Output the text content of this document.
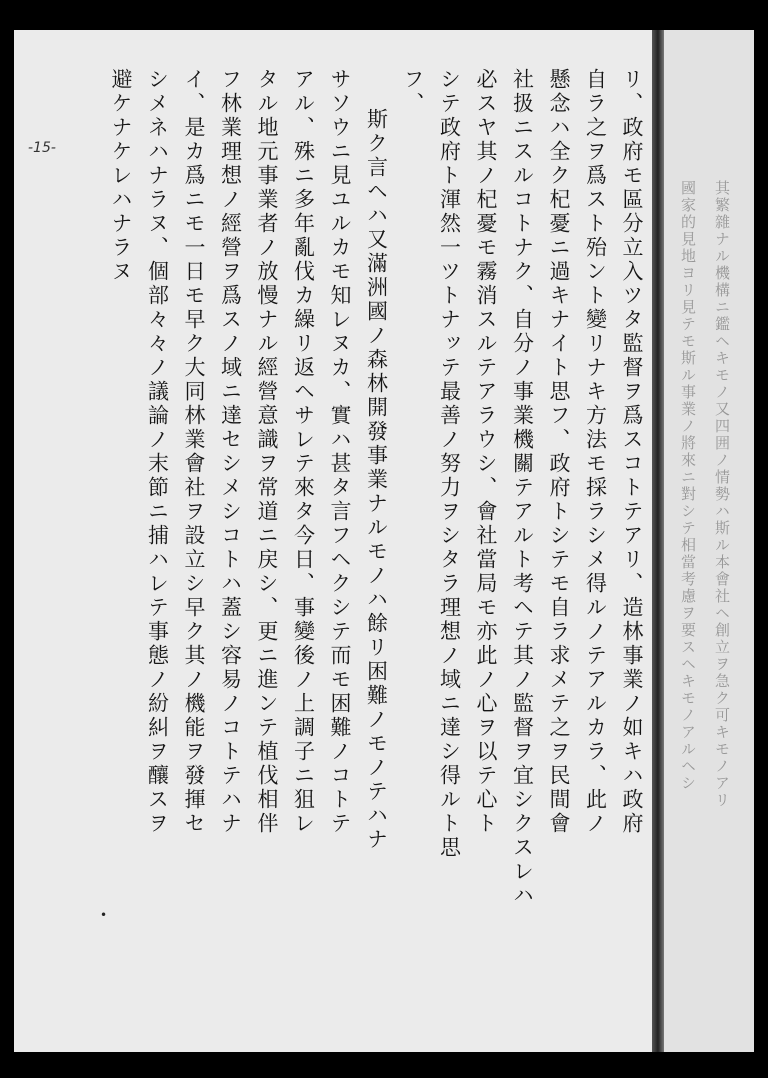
其繁雜ナル機構ニ鑑ヘキモノ又四囲ノ情勢ハ斯ル本會社ヘ創立ヲ急ク可キモノアリ
國家的見地ヨリ見テモ斯ル事業ノ將來ニ對シテ相當考慮ヲ要スヘキモノアルヘシ
-15-	リ、政府モ區分立入ツタ監督ヲ爲スコトテアリ、造林事業ノ如キハ政府
自ラ之ヲ爲スト殆ント變リナキ方法モ採ラシメ得ルノテアルカラ、此ノ
懸念ハ全ク杞憂ニ過キナイト思フ、政府トシテモ自ラ求メテ之ヲ民間會
社扱ニスルコトナク、自分ノ事業機關テアルト考ヘテ其ノ監督ヲ宜シクスレハ
必スヤ其ノ杞憂モ霧消スルテアラウシ、會社當局モ亦此ノ心ヲ以テ心ト
シテ政府ト渾然一ツトナッテ最善ノ努力ヲシタラ理想ノ域ニ達シ得ルト思
フ、
斯ク言ヘハ又滿洲國ノ森林開發事業ナルモノハ餘リ困難ノモノテハナ
サソウニ見ユルカモ知レヌカ、實ハ甚タ言フヘクシテ而モ困難ノコトテ
アル、殊ニ多年亂伐カ繰リ返ヘサレテ來タ今日、事變後ノ上調子ニ狙レ
タル地元事業者ノ放慢ナル經營意識ヲ常道ニ戻シ、更ニ進ンテ植伐相伴
フ林業理想ノ經營ヲ爲スノ域ニ達セシメシコトハ蓋シ容易ノコトテハナ
イ、是カ爲ニモ一日モ早ク大同林業會社ヲ設立シ早ク其ノ機能ヲ發揮セ
シメネハナラヌ、個部々々ノ議論ノ末節ニ捕ハレテ事態ノ紛糾ヲ釀スヲ
避ケナケレハナラヌ
•
